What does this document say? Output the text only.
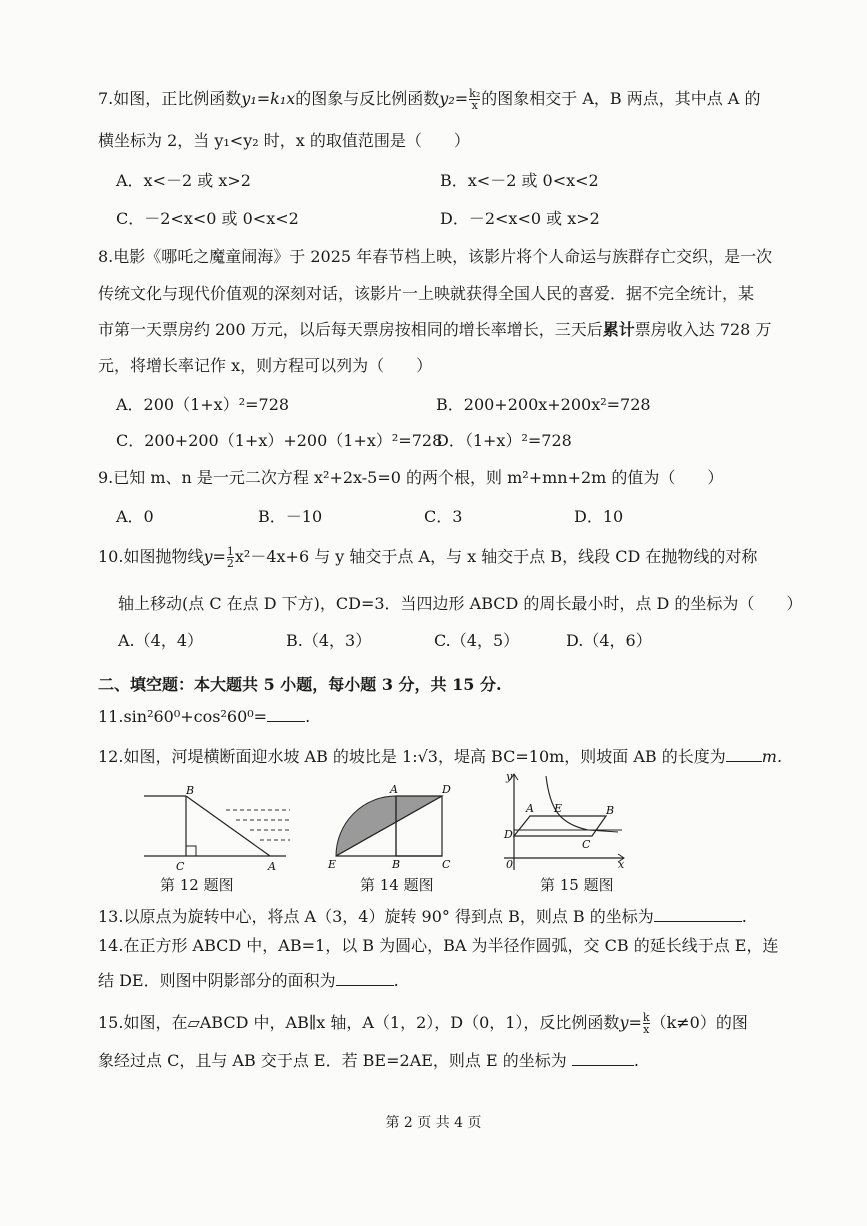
7.如图，正比例函数y₁=k₁x的图象与反比例函数$y_2= \frac{\text{k₂}}{x}$ 的图象相交于 A，B 两点，其中点 A 的
横坐标为 2，当 y₁<y₂ 时，x 的取值范围是（　　）
A．x<－2 或 x>2	B．x<－2 或 0<x<2
C．－2<x<0 或 0<x<2	D．－2<x<0 或 x>2
8.电影《哪吒之魔童闹海》于 2025 年春节档上映，该影片将个人命运与族群存亡交织，是一次
传统文化与现代价值观的深刻对话，该影片一上映就获得全国人民的喜爱．据不完全统计，某
市第一天票房约 200 万元，以后每天票房按相同的增长率增长，三天后累计票房收入达 728 万
元，将增长率记作 x，则方程可以列为（　　）
A．200（1+x）²=728	B．200+200x+200x²=728
C．200+200（1+x）+200（1+x）²=728
D．（1+x）²=728
9.已知 m、n 是一元二次方程 x²+2x-5=0 的两个根，则 m²+mn+2m 的值为（　　）
A．0	B．－10	C．3	D．10
10.如图抛物线$y= \frac{1}{2} x^2-4x+6$ 与 y 轴交于点 A，与 x 轴交于点 B，线段 CD 在抛物线的对称
轴上移动(点 C 在点 D 下方)，CD=3．当四边形 ABCD 的周长最小时，点 D 的坐标为（　　）
A.（4，4）	B.（4，3）	C.（4，5）	D.（4，6）
二、填空题：本大题共 5 小题，每小题 3 分，共 15 分.
11.sin²60⁰+cos²60⁰= .
12.如图，河堤横断面迎水坡 AB 的坡比是 1:√3，堤高 BC=10m，则坡面 AB 的长度为 m.
B
C	A
第 12 题图
A	D
E	B	C
第 14 题图
y
x
0
A E	B
D
C
第 15 题图
13.以原点为旋转中心，将点 A（3，4）旋转 90° 得到点 B，则点 B 的坐标为	.
14.在正方形 ABCD 中，AB=1，以 B 为圆心，BA 为半径作圆弧，交 CB 的延长线于点 E，连
结 DE．则图中阴影部分的面积为	.
15.如图，在▱ABCD 中，AB∥x 轴，A（1，2），D（0，1），反比例函数$y= \frac{k}{x} (k\ne 0)$的图
象经过点 C，且与 AB 交于点 E．若 BE=2AE，则点 E 的坐标为	.
第 2 页 共 4 页
